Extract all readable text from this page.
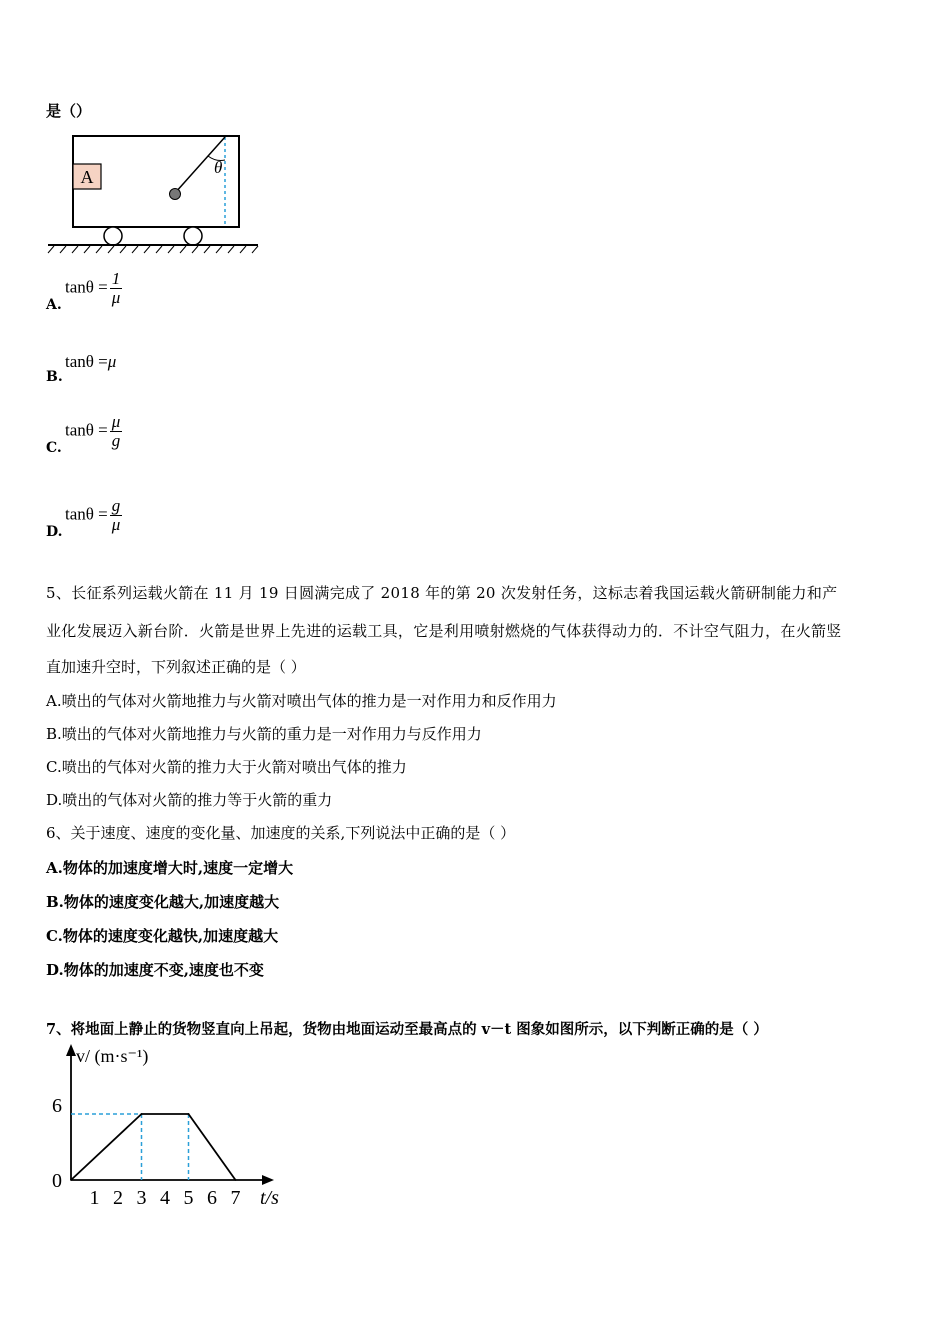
是（）
A	θ
A.
$\tan\theta = \frac{1}{\mu}$
B.
tanθ =μ
C.
$\tan\theta = \frac{\mu}{g}$
D.
$\tan\theta = \frac{g}{\mu}$
5、长征系列运载火箭在 11 月 19 日圆满完成了 2018 年的第 20 次发射任务，这标志着我国运载火箭研制能力和产
业化发展迈入新台阶．火箭是世界上先进的运载工具，它是利用喷射燃烧的气体获得动力的．不计空气阻力，在火箭竖
直加速升空时，下列叙述正确的是（ ）
A.喷出的气体对火箭地推力与火箭对喷出气体的推力是一对作用力和反作用力
B.喷出的气体对火箭地推力与火箭的重力是一对作用力与反作用力
C.喷出的气体对火箭的推力大于火箭对喷出气体的推力
D.喷出的气体对火箭的推力等于火箭的重力
6、关于速度、速度的变化量、加速度的关系,下列说法中正确的是（ ）
A.物体的加速度增大时,速度一定增大
B.物体的速度变化越大,加速度越大
C.物体的速度变化越快,加速度越大
D.物体的加速度不变,速度也不变
7、将地面上静止的货物竖直向上吊起，货物由地面运动至最高点的 v－t 图象如图所示，以下判断正确的是（ ）
v/ (m·s⁻¹)
t/s
0
6
1 2 3 4 5 6 7
